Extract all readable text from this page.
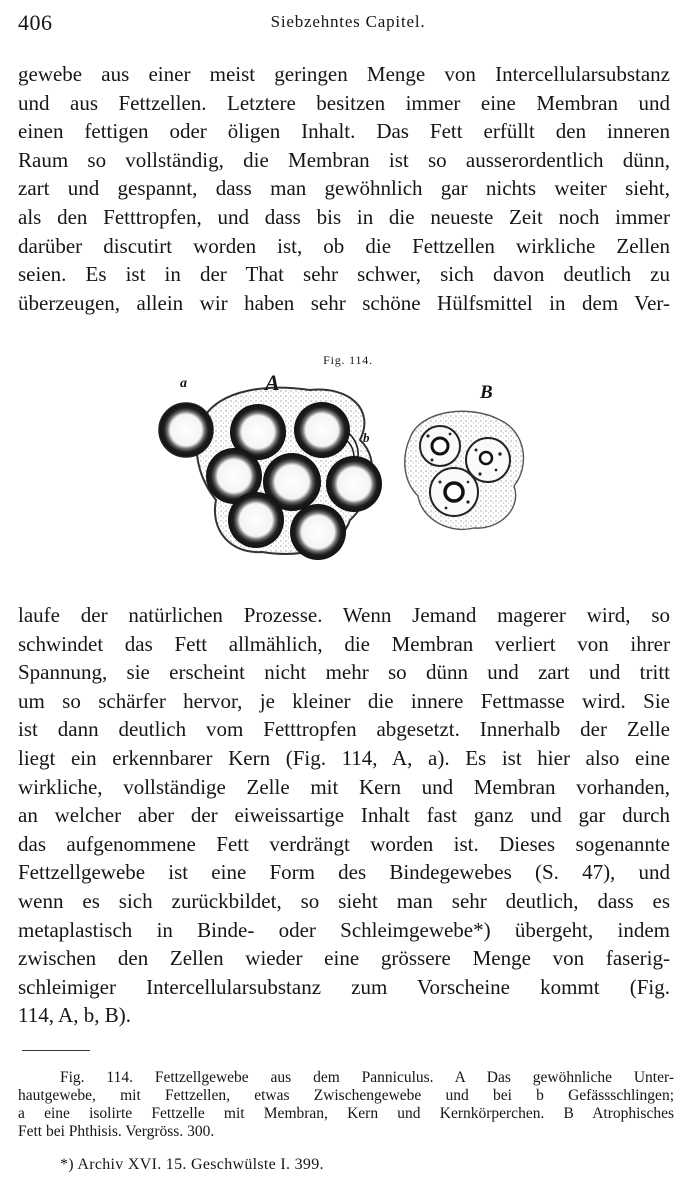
406	Siebzehntes Capitel.

gewebe aus einer meist geringen Menge von Intercellularsubstanz
und aus Fettzellen. Letztere besitzen immer eine Membran und
einen fettigen oder öligen Inhalt. Das Fett erfüllt den inneren
Raum so vollständig, die Membran ist so ausserordentlich dünn,
zart und gespannt, dass man gewöhnlich gar nichts weiter sieht,
als den Fetttropfen, und dass bis in die neueste Zeit noch immer
darüber discutirt worden ist, ob die Fettzellen wirkliche Zellen
seien. Es ist in der That sehr schwer, sich davon deutlich zu
überzeugen, allein wir haben sehr schöne Hülfsmittel in dem Ver-

Fig. 114.
a	A
b
B

laufe der natürlichen Prozesse. Wenn Jemand magerer wird, so
schwindet das Fett allmählich, die Membran verliert von ihrer
Spannung, sie erscheint nicht mehr so dünn und zart und tritt
um so schärfer hervor, je kleiner die innere Fettmasse wird. Sie
ist dann deutlich vom Fetttropfen abgesetzt. Innerhalb der Zelle
liegt ein erkennbarer Kern (Fig. 114, A, a). Es ist hier also eine
wirkliche, vollständige Zelle mit Kern und Membran vorhanden,
an welcher aber der eiweissartige Inhalt fast ganz und gar durch
das aufgenommene Fett verdrängt worden ist. Dieses sogenannte
Fettzellgewebe ist eine Form des Bindegewebes (S. 47), und
wenn es sich zurückbildet, so sieht man sehr deutlich, dass es
metaplastisch in Binde- oder Schleimgewebe*) übergeht, indem
zwischen den Zellen wieder eine grössere Menge von faserig-
schleimiger Intercellularsubstanz zum Vorscheine kommt (Fig.
114, A, b, B).

Fig. 114. Fettzellgewebe aus dem Panniculus. A Das gewöhnliche Unter-
hautgewebe, mit Fettzellen, etwas Zwischengewebe und bei b Gefässschlingen;
a eine isolirte Fettzelle mit Membran, Kern und Kernkörperchen. B Atrophisches
Fett bei Phthisis. Vergröss. 300.

*) Archiv XVI. 15. Geschwülste I. 399.
